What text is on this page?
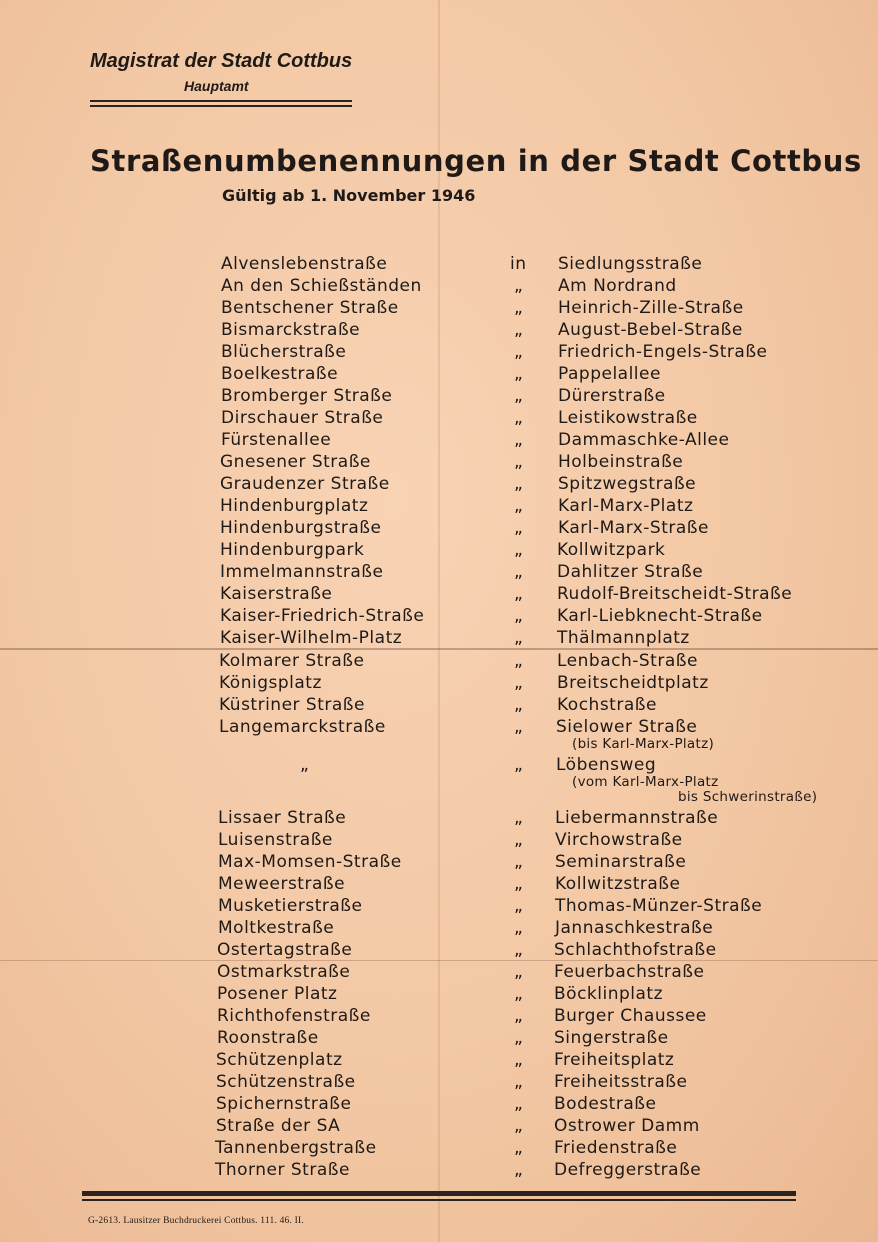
Magistrat der Stadt Cottbus
Hauptamt
Straßenumbenennungen in der Stadt Cottbus
Gültig ab 1. November 1946
Alvenslebenstraße	in Siedlungsstraße
An den Schießständen	„ Am Nordrand
Bentschener Straße	„ Heinrich-Zille-Straße
Bismarckstraße	„ August-Bebel-Straße
Blücherstraße	„ Friedrich-Engels-Straße
Boelkestraße	„ Pappelallee
Bromberger Straße	„ Dürerstraße
Dirschauer Straße	„ Leistikowstraße
Fürstenallee	„ Dammaschke-Allee
Gnesener Straße	„ Holbeinstraße
Graudenzer Straße	„ Spitzwegstraße
Hindenburgplatz	„ Karl-Marx-Platz
Hindenburgstraße	„ Karl-Marx-Straße
Hindenburgpark	„ Kollwitzpark
Immelmannstraße	„ Dahlitzer Straße
Kaiserstraße	„ Rudolf-Breitscheidt-Straße
Kaiser-Friedrich-Straße	„ Karl-Liebknecht-Straße
Kaiser-Wilhelm-Platz	„ Thälmannplatz
Kolmarer Straße	„ Lenbach-Straße
Königsplatz	„ Breitscheidtplatz
Küstriner Straße	„ Kochstraße
Langemarckstraße	„ Sielower Straße
(bis Karl-Marx-Platz)
„	„ Löbensweg
(vom Karl-Marx-Platz
bis Schwerinstraße)
Lissaer Straße	„ Liebermannstraße
Luisenstraße	„ Virchowstraße
Max-Momsen-Straße	„ Seminarstraße
Meweerstraße	„ Kollwitzstraße
Musketierstraße	„ Thomas-Münzer-Straße
Moltkestraße	„ Jannaschkestraße
Ostertagstraße	„ Schlachthofstraße
Ostmarkstraße	„ Feuerbachstraße
Posener Platz	„ Böcklinplatz
Richthofenstraße	„ Burger Chaussee
Roonstraße	„ Singerstraße
Schützenplatz	„ Freiheitsplatz
Schützenstraße	„ Freiheitsstraße
Spichernstraße	„ Bodestraße
Straße der SA	„ Ostrower Damm
Tannenbergstraße	„ Friedenstraße
Thorner Straße	„ Defreggerstraße
G-2613. Lausitzer Buchdruckerei Cottbus. 111. 46. II.
